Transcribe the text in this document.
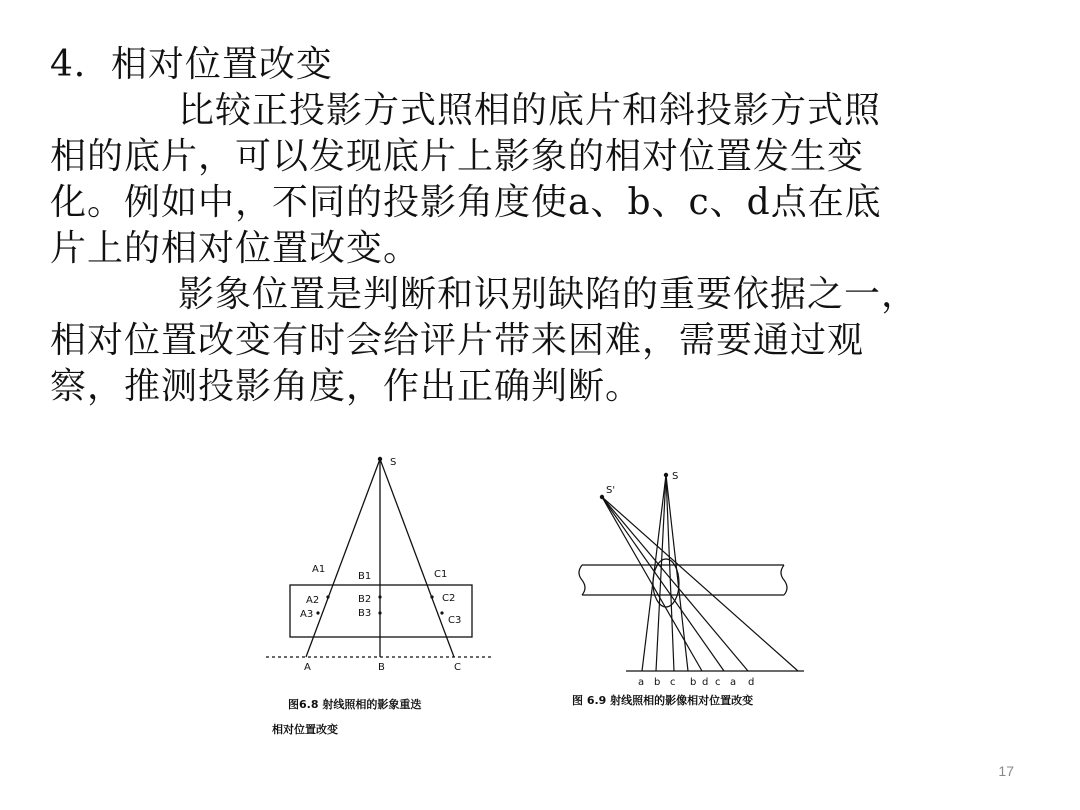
4．相对位置改变
比较正投影方式照相的底片和斜投影方式照
相的底片，可以发现底片上影象的相对位置发生变
化。例如中，不同的投影角度使a、b、c、d点在底
片上的相对位置改变。
影象位置是判断和识别缺陷的重要依据之一，
相对位置改变有时会给评片带来困难，需要通过观
察，推测投影角度，作出正确判断。
S
A1
B1	C1
A2	B2	C2
A3	B3
C3
A	B	C
图6.8 射线照相的影象重迭
相对位置改变
S
S'
a b c b d c a d
图 6.9 射线照相的影像相对位置改变
17
